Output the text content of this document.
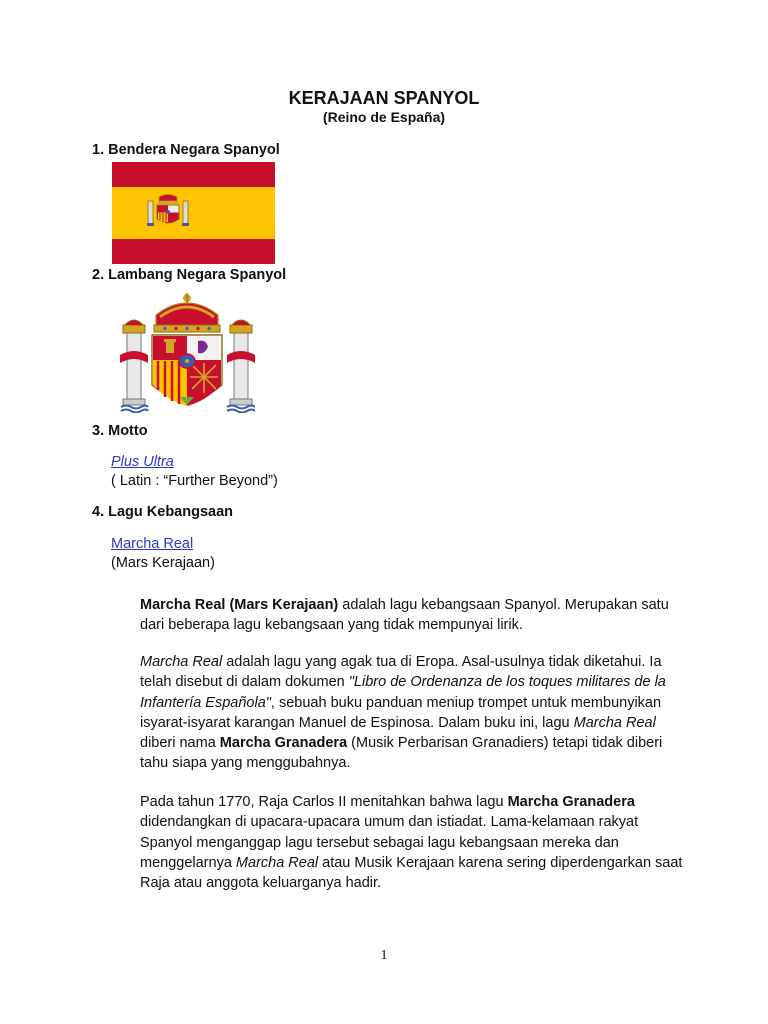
KERAJAAN SPANYOL
(Reino de España)
1. Bendera Negara Spanyol
2. Lambang Negara Spanyol
3. Motto
Plus Ultra
( Latin : “Further Beyond”)
4. Lagu Kebangsaan
Marcha Real
(Mars Kerajaan)

Marcha Real (Mars Kerajaan) adalah lagu kebangsaan Spanyol. Merupakan satu dari beberapa lagu kebangsaan yang tidak mempunyai lirik.

Marcha Real adalah lagu yang agak tua di Eropa. Asal-usulnya tidak diketahui. Ia telah disebut di dalam dokumen "Libro de Ordenanza de los toques militares de la Infantería Española", sebuah buku panduan meniup trompet untuk membunyikan isyarat-isyarat karangan Manuel de Espinosa. Dalam buku ini, lagu Marcha Real diberi nama Marcha Granadera (Musik Perbarisan Granadiers) tetapi tidak diberi tahu siapa yang menggubahnya.

Pada tahun 1770, Raja Carlos II menitahkan bahwa lagu Marcha Granadera didendangkan di upacara-upacara umum dan istiadat. Lama-kelamaan rakyat Spanyol menganggap lagu tersebut sebagai lagu kebangsaan mereka dan menggelarnya Marcha Real atau Musik Kerajaan karena sering diperdengarkan saat Raja atau anggota keluarganya hadir.

1
